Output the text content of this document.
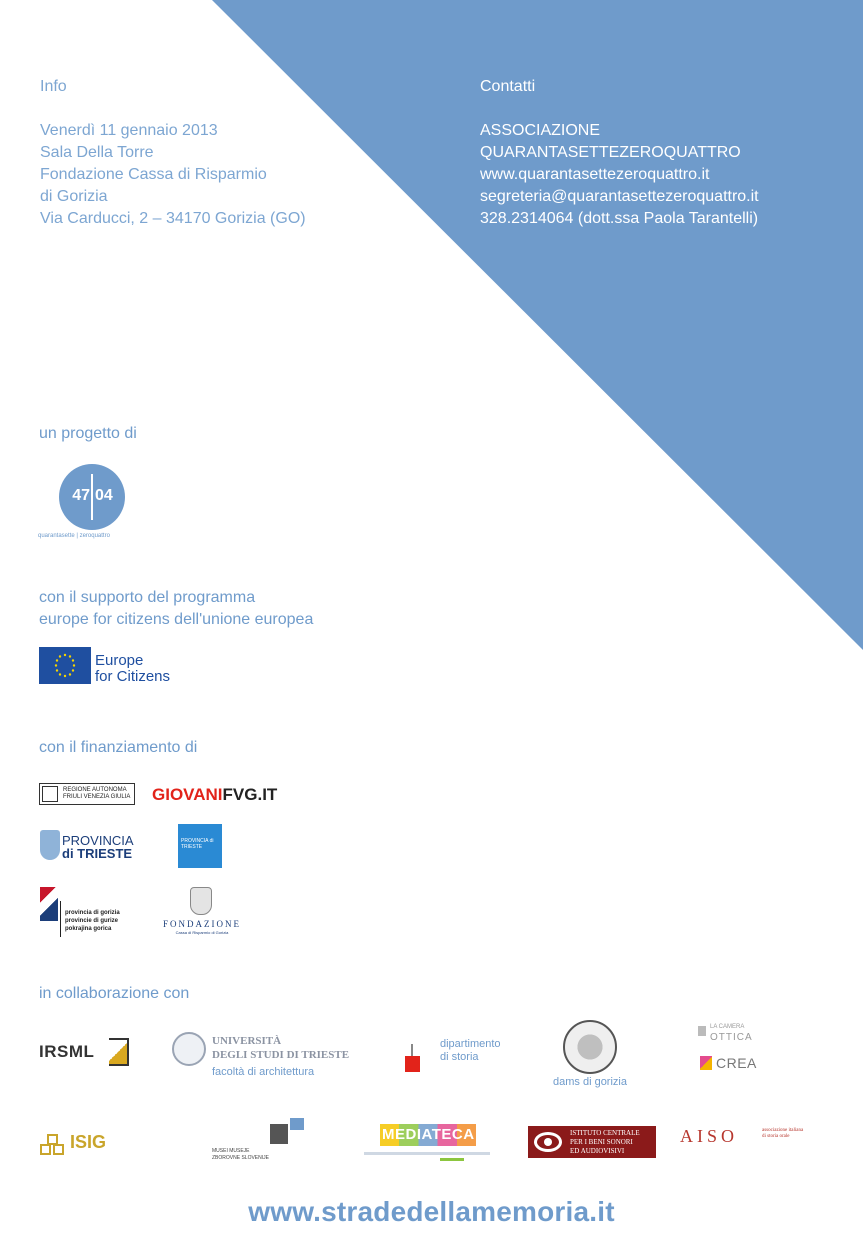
Info
Venerdì 11 gennaio 2013
Sala Della Torre
Fondazione Cassa di Risparmio
di Gorizia
Via Carducci, 2 – 34170 Gorizia (GO)
Contatti
ASSOCIAZIONE
QUARANTASETTEZEROQUATTRO
www.quarantasettezeroquattro.it
segreteria@quarantasettezeroquattro.it
328.2314064 (dott.ssa Paola Tarantelli)
un progetto di
47 04
quarantasette | zeroquattro
con il supporto del programma
europe for citizens dell'unione europea
Europe
for Citizens
con il finanziamento di
REGIONE AUTONOMA
FRIULI VENEZIA GIULIA GIOVANIFVG.IT
PROVINCIA
di TRIESTE
PROVINCIA di TRIESTE
provincia di gorizia
provincie di gurize
pokrajina gorica	FONDAZIONE
Cassa di Risparmio di Gorizia
in collaborazione con
IRSML
UNIVERSITÀ
DEGLI STUDI DI TRIESTE
facoltà di architettura
dipartimento
di storia
dams di gorizia
LA CAMERA
OTTICA
CREA
ISIG	MUSEI MUSEJE
ZBOROVNE SLOVENIJE
MEDIATECA	ISTITUTO CENTRALE
PER I BENI SONORI
ED AUDIOVISIVI
AISO	associazione italiana di storia orale
www.stradedellamemoria.it
